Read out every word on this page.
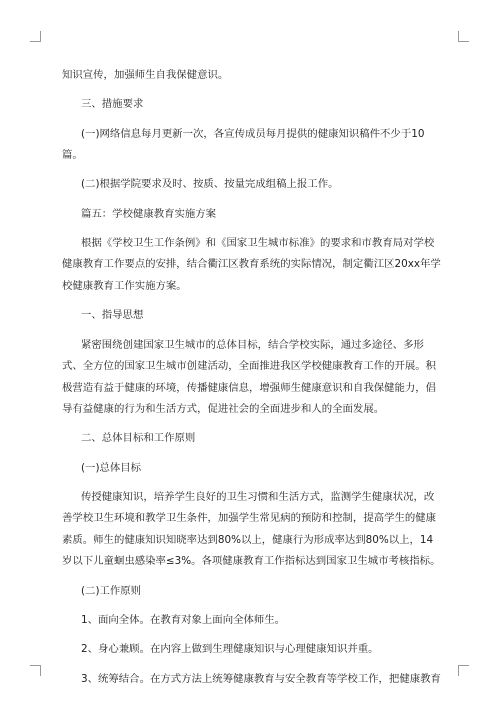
知识宣传，加强师生自我保健意识。

三、措施要求

(一)网络信息每月更新一次，各宣传成员每月提供的健康知识稿件不少于10篇。

(二)根据学院要求及时、按质、按量完成组稿上报工作。

篇五：学校健康教育实施方案

根据《学校卫生工作条例》和《国家卫生城市标准》的要求和市教育局对学校健康教育工作要点的安排，结合衢江区教育系统的实际情况，制定衢江区20xx年学校健康教育工作实施方案。

一、指导思想

紧密围绕创建国家卫生城市的总体目标，结合学校实际，通过多途径、多形式、全方位的国家卫生城市创建活动，全面推进我区学校健康教育工作的开展。积极营造有益于健康的环境，传播健康信息，增强师生健康意识和自我保健能力，倡导有益健康的行为和生活方式，促进社会的全面进步和人的全面发展。

二、总体目标和工作原则

(一)总体目标

传授健康知识，培养学生良好的卫生习惯和生活方式，监测学生健康状况，改善学校卫生环境和教学卫生条件，加强学生常见病的预防和控制，提高学生的健康素质。师生的健康知识知晓率达到80%以上，健康行为形成率达到80%以上，14岁以下儿童蛔虫感染率≤3%。各项健康教育工作指标达到国家卫生城市考核指标。

(二)工作原则

1、面向全体。在教育对象上面向全体师生。

2、身心兼顾。在内容上做到生理健康知识与心理健康知识并重。

3、统筹结合。在方式方法上统筹健康教育与安全教育等学校工作，把健康教育
